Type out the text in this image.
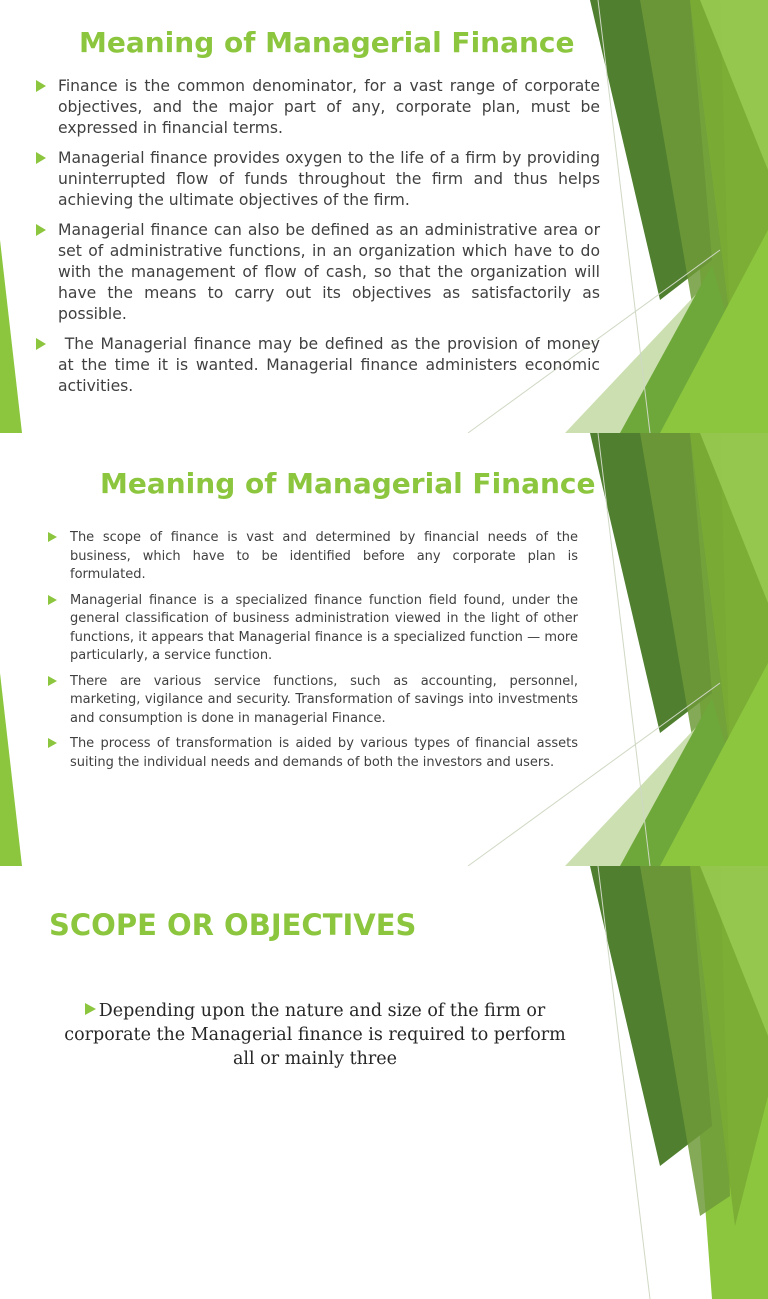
Meaning of Managerial Finance
Finance is the common denominator, for a vast range of corporate objectives, and the major part of any, corporate plan, must be expressed in financial terms.
Managerial finance provides oxygen to the life of a firm by providing uninterrupted flow of funds throughout the firm and thus helps achieving the ultimate objectives of the firm.
Managerial finance can also be defined as an administrative area or set of administrative functions, in an organization which have to do with the management of flow of cash, so that the organization will have the means to carry out its objectives as satisfactorily as possible.
The Managerial finance may be defined as the provision of money at the time it is wanted. Managerial finance administers economic activities.
Meaning of Managerial Finance
The scope of finance is vast and determined by financial needs of the business, which have to be identified before any corporate plan is formulated.
Managerial finance is a specialized finance function field found, under the general classification of business administration viewed in the light of other functions, it appears that Managerial finance is a specialized function — more particularly, a service function.
There are various service functions, such as accounting, personnel, marketing, vigilance and security. Transformation of savings into investments and consumption is done in managerial Finance.
The process of transformation is aided by various types of financial assets suiting the individual needs and demands of both the investors and users.
SCOPE OR OBJECTIVES

Depending upon the nature and size of the firm or corporate the Managerial finance is required to perform all or mainly three
